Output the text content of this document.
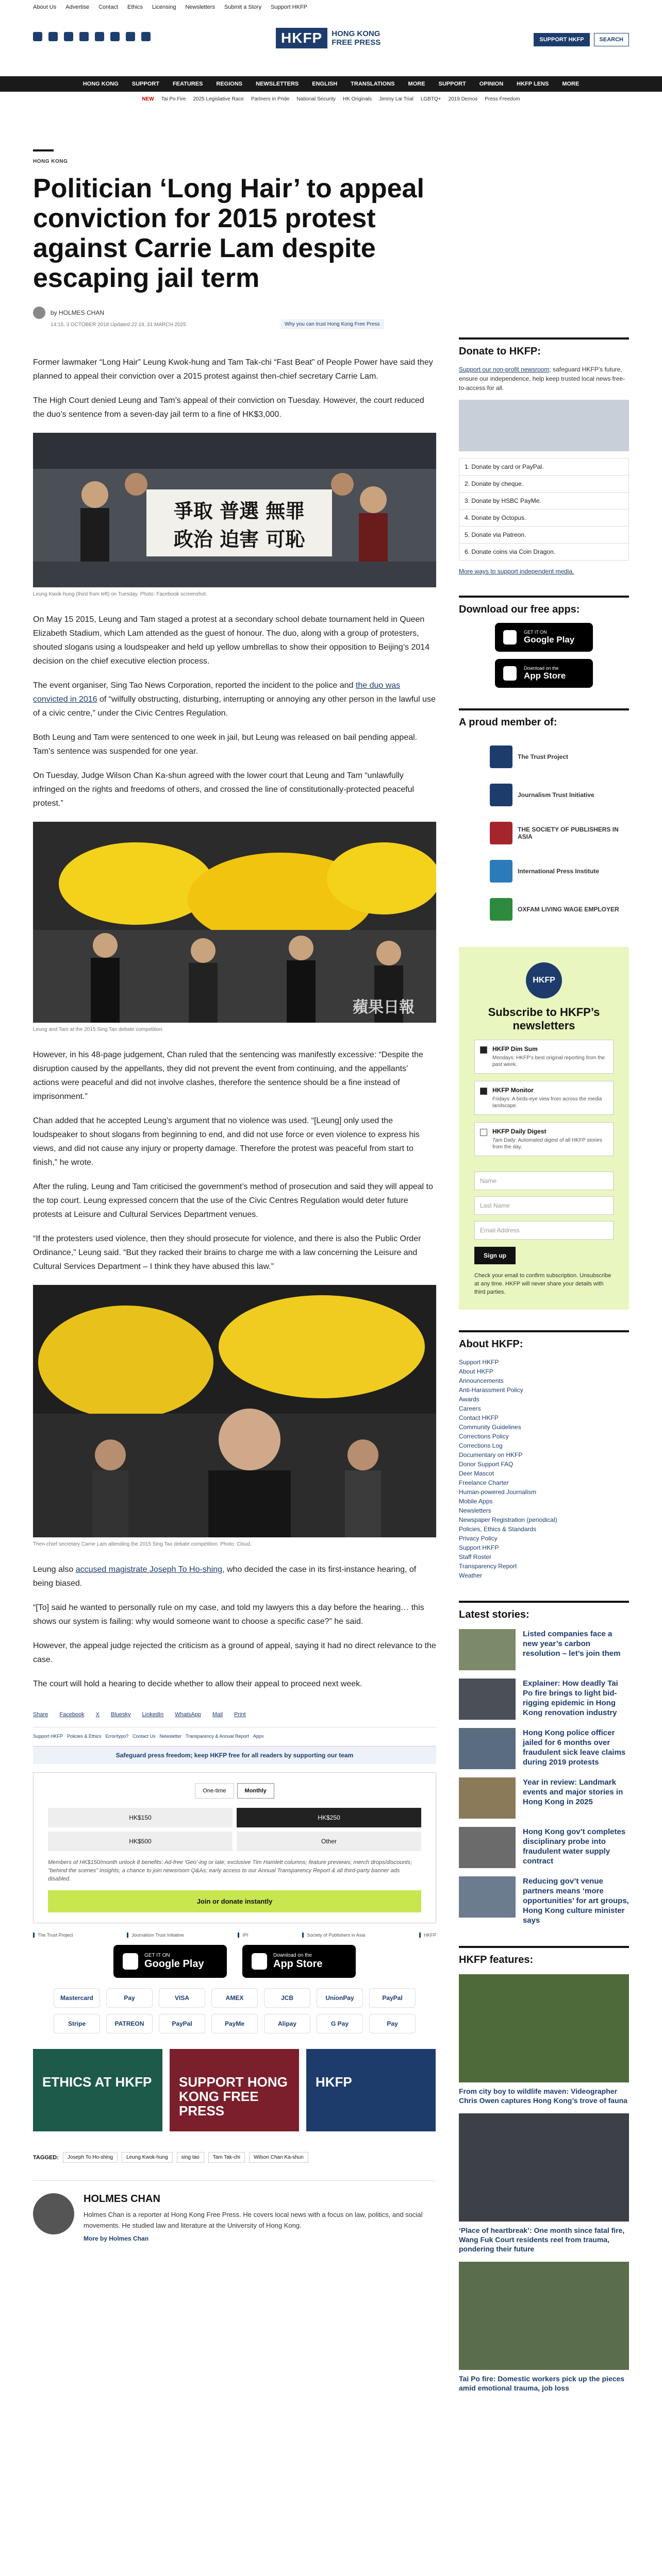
About Us Advertise Contact Ethics Licensing Newsletters Submit a Story Support HKFP
HKFP	HONG KONG FREE PRESS	SUPPORT HKFP	SEARCH
HONG KONG SUPPORT FEATURES REGIONS NEWSLETTERS ENGLISH TRANSLATIONS MORE SUPPORT OPINION HKFP LENS MORE
NEW Tai Po Fire 2025 Legislative Race Partners in Pride National Security HK Originals Jimmy Lai Trial LGBTQ+ 2019 Demos Press Freedom
HONG KONG
Politician ‘Long Hair’ to appeal conviction for 2015 protest against Carrie Lam despite escaping jail term
by HOLMES CHAN
14:15, 3 OCTOBER 2018 Updated 22:19, 31 MARCH 2025	Why you can trust Hong Kong Free Press

Former lawmaker “Long Hair” Leung Kwok-hung and Tam Tak-chi “Fast Beat” of People Power have said they planned to appeal their conviction over a 2015 protest against then-chief secretary Carrie Lam.

The High Court denied Leung and Tam’s appeal of their conviction on Tuesday. However, the court reduced the duo’s sentence from a seven-day jail term to a fine of HK$3,000.

爭取 普選 無罪
政治 迫害 可恥
Leung Kwok-hung (third from left) on Tuesday. Photo: Facebook screenshot.

On May 15 2015, Leung and Tam staged a protest at a secondary school debate tournament held in Queen Elizabeth Stadium, which Lam attended as the guest of honour. The duo, along with a group of protesters, shouted slogans using a loudspeaker and held up yellow umbrellas to show their opposition to Beijing’s 2014 decision on the chief executive election process.

The event organiser, Sing Tao News Corporation, reported the incident to the police and the duo was convicted in 2016 of “wilfully obstructing, disturbing, interrupting or annoying any other person in the lawful use of a civic centre,” under the Civic Centres Regulation.

Both Leung and Tam were sentenced to one week in jail, but Leung was released on bail pending appeal. Tam’s sentence was suspended for one year.

On Tuesday, Judge Wilson Chan Ka-shun agreed with the lower court that Leung and Tam “unlawfully infringed on the rights and freedoms of others, and crossed the line of constitutionally-protected peaceful protest.”

蘋果日報
Leung and Tam at the 2015 Sing Tao debate competition.

However, in his 48-page judgement, Chan ruled that the sentencing was manifestly excessive: “Despite the disruption caused by the appellants, they did not prevent the event from continuing, and the appellants’ actions were peaceful and did not involve clashes, therefore the sentence should be a fine instead of imprisonment.”

Chan added that he accepted Leung’s argument that no violence was used. “[Leung] only used the loudspeaker to shout slogans from beginning to end, and did not use force or even violence to express his views, and did not cause any injury or property damage. Therefore the protest was peaceful from start to finish,” he wrote.

After the ruling, Leung and Tam criticised the government’s method of prosecution and said they will appeal to the top court. Leung expressed concern that the use of the Civic Centres Regulation would deter future protests at Leisure and Cultural Services Department venues.

“If the protesters used violence, then they should prosecute for violence, and there is also the Public Order Ordinance,” Leung said. “But they racked their brains to charge me with a law concerning the Leisure and Cultural Services Department – I think they have abused this law.”

Then-chief secretary Carrie Lam attending the 2015 Sing Tao debate competition. Photo: Cloud.

Leung also accused magistrate Joseph To Ho-shing, who decided the case in its first-instance hearing, of being biased.

“[To] said he wanted to personally rule on my case, and told my lawyers this a day before the hearing… this shows our system is failing: why would someone want to choose a specific case?” he said.

However, the appeal judge rejected the criticism as a ground of appeal, saying it had no direct relevance to the case.

The court will hold a hearing to decide whether to allow their appeal to proceed next week.

Share Facebook X Bluesky LinkedIn WhatsApp Mail Print
Support HKFP Policies & Ethics Error/typo? Contact Us Newsletter Transparency & Annual Report Apps
Safeguard press freedom; keep HKFP free for all readers by supporting our team
One-time	Monthly
HK$150	HK$250
HK$500	Other
Members of HK$150/month unlock 8 benefits: Ad-free 'Geo'-ing or late; exclusive Tim Hamlett columns; feature previews; merch drops/discounts; "behind the scenes" insights; a chance to join newsroom Q&As; early access to our Annual Transparency Report & all third-party banner ads disabled.
Join or donate instantly
The Trust Project	Journalism Trust Initiative	IPI	Society of Publishers in Asia	HKFP
GET IT ON
Google Play
Download on the
App Store
Mastercard	Pay	VISA	AMEX	JCB	UnionPay	PayPal
Stripe	PATREON	PayPal	PayMe	Alipay	G Pay	Pay
ETHICS AT HKFP SUPPORT HONG KONG FREE PRESS
HKFP
TAGGED:	Joseph To Ho-shing	Leung Kwok-hung	sing tao	Tam Tak-chi	Wilson Chan Ka-shun
HOLMES CHAN

Holmes Chan is a reporter at Hong Kong Free Press. He covers local news with a focus on law, politics, and social movements. He studied law and literature at the University of Hong Kong.

More by Holmes Chan
Donate to HKFP:
Support our non-profit newsroom; safeguard HKFP’s future, ensure our independence, help keep trusted local news free-to-access for all.
1. Donate by card or PayPal.
2. Donate by cheque.
3. Donate by HSBC PayMe.
4. Donate by Octopus.
5. Donate via Patreon.
6. Donate coins via Coin Dragon.
More ways to support independent media.
Download our free apps:
GET IT ON
Google Play
Download on the
App Store
A proud member of:
The Trust Project
Journalism Trust Initiative
THE SOCIETY OF PUBLISHERS IN ASIA
International Press Institute
OXFAM LIVING WAGE EMPLOYER
HKFP
Subscribe to HKFP’s newsletters
HKFP Dim Sum
Mondays: HKFP’s best original reporting from the past week.
HKFP Monitor
Fridays: A birds-eye view from across the media landscape.
HKFP Daily Digest
7am Daily: Automated digest of all HKFP stories from the day.
Name
Last Name
Email Address
Sign up
Check your email to confirm subscription. Unsubscribe at any time. HKFP will never share your details with third parties.
About HKFP:
Support HKFP
About HKFP
Announcements
Anti-Harassment Policy
Awards
Careers
Contact HKFP
Community Guidelines
Corrections Policy
Corrections Log
Documentary on HKFP
Donor Support FAQ
Deer Mascot
Freelance Charter
Human-powered Journalism
Mobile Apps
Newsletters
Newspaper Registration (periodical)
Policies, Ethics & Standards
Privacy Policy
Support HKFP
Staff Roster
Transparency Report
Weather
Latest stories:
Listed companies face a new year’s carbon resolution – let’s join them
Explainer: How deadly Tai Po fire brings to light bid-rigging epidemic in Hong Kong renovation industry
Hong Kong police officer jailed for 6 months over fraudulent sick leave claims during 2019 protests
Year in review: Landmark events and major stories in Hong Kong in 2025
Hong Kong gov’t completes disciplinary probe into fraudulent water supply contract
Reducing gov’t venue partners means ‘more opportunities’ for art groups, Hong Kong culture minister says
HKFP features:
From city boy to wildlife maven: Videographer Chris Owen captures Hong Kong’s trove of fauna
‘Place of heartbreak’: One month since fatal fire, Wang Fuk Court residents reel from trauma, pondering their future
Tai Po fire: Domestic workers pick up the pieces amid emotional trauma, job loss
